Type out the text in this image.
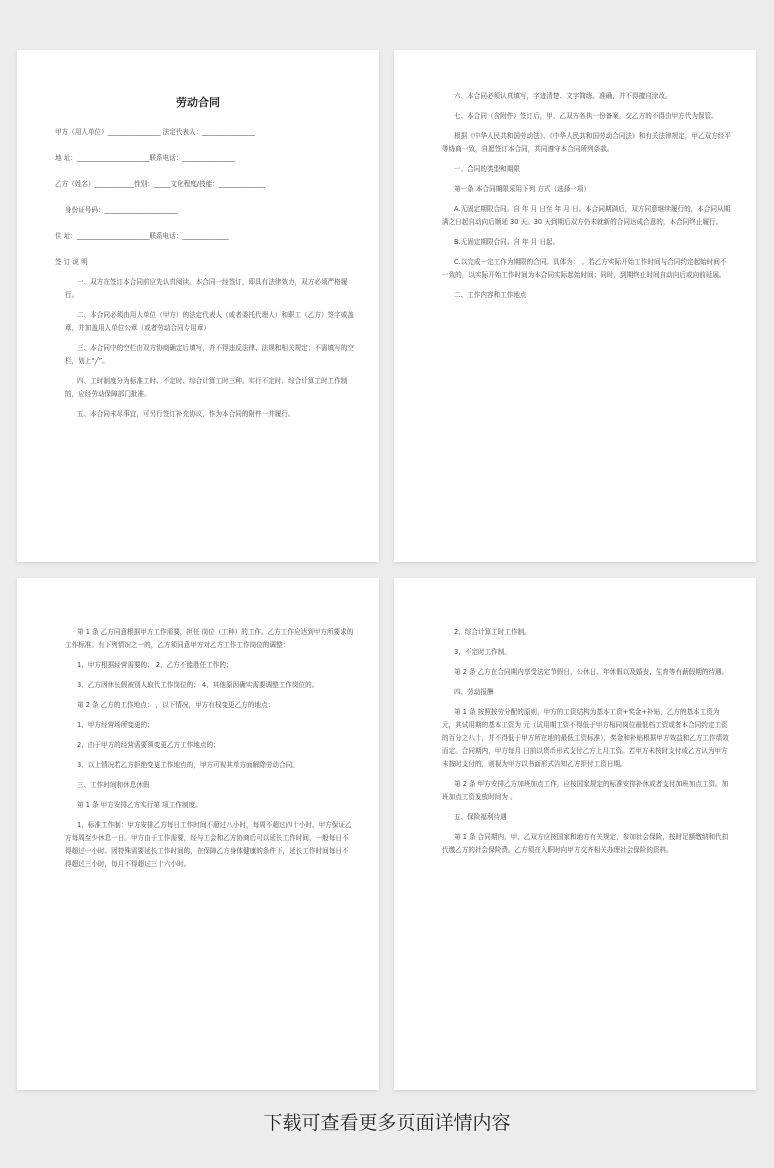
劳动合同

甲方（用人单位）________________ 法定代表人：________________

地 址：______________________联系电话：________________

乙方（姓名）____________性别：_____文化程度/技能：______________

身份证号码：______________________

住 址：______________________联系电话：______________

签 订 说 明

一、双方在签订本合同前应先认真阅读。本合同一经签订，即具有法律效力，双方必须严格履行。

二、本合同必须由用人单位（甲方）的法定代表人（或者委托代理人）和职工（乙方）签字或盖章，并加盖用人单位公章（或者劳动合同专用章）

三、本合同中的空栏由双方协商确定后填写，并不得违反法律、法规和相关规定；不需填写的空栏，划上“╱”。

四、工时制度分为标准工时、不定时、综合计算工时三种。实行不定时、综合计算工时工作制的，应经劳动保障部门批准。

五、本合同未尽事宜，可另行签订补充协议，作为本合同的附件一并履行。

六、本合同必须认真填写，字迹清楚、文字简练、准确，并不得擅自涂改。

七、本合同（含附件）签订后，甲、乙双方各执一份备案，交乙方的不得由甲方代为保管。

根据《中华人民共和国劳动法》、《中华人民共和国劳动合同法》和有关法律规定，甲乙双方经平等协商一致，自愿签订本合同，共同遵守本合同所列条款。

一、合同的类型和期限

第一条 本合同期限采用下列 方式（选择一项）

A.无固定期限合同。自 年 月 日至 年 月 日。本合同期满后，双方同意继续履行的，本合同从期满之日起自动向后顺延 30 天。30 天到期后双方仍未就新的合同达成合意的，本合同终止履行。

B.无固定期限合同。自 年 月 日起。

C.以完成一定工作为期限的合同。具体为： 。若乙方实际开始工作时间与合同约定起始时间不一致的，以实际开始工作时间为本合同实际起始时间；同时，到期终止时间自动向后或向前延展。

二、工作内容和工作地点

第 1 条 乙方同意根据甲方工作需要，担任 岗位（工种）的工作。乙方工作应达到甲方所要求的工作标准。有下列情况之一的，乙方须同意甲方对乙方工作工作岗位的调整：

1、甲方根据经营需要的； 2、乙方不能胜任工作的；

3、乙方因休长假被别人取代工作岗位的； 4、其他原因确实需要调整工作岗位的。

第 2 条 乙方的工作地点： ，以下情况，甲方有权变更乙方的地点：

1、甲方经营场所变更的；

2、由于甲方的经营需要须变更乙方工作地点的；

3、以上情况若乙方拒绝变更工作地点的，甲方可视其单方面解除劳动合同。

三、工作时间和休息休假

第 1 条 甲方安排乙方实行第 项工作制度。

1、标准工作制：甲方安排乙方每日工作时间不超过八小时，每周不超过四十小时。甲方保证乙方每周至少休息一日。甲方由于工作需要，经与工会和乙方协商后可以延长工作时间，一般每日不得超过一小时。因特殊需要延长工作时间的，在保障乙方身体健康的条件下，延长工作时间每日不得超过三小时，每月不得超过三十六小时。

2、综合计算工时工作制。

3、不定时工作制。

第 2 条 乙方在合同期内享受法定节假日、公休日、年休假以及婚丧、生育等有薪假期的待遇。

四、劳动报酬

第 1 条 按照按劳分配的原则，甲方的工资结构为基本工资+奖金+补贴，乙方的基本工资为 元，其试用期的基本工资为 元（试用期工资不得低于甲方相同岗位最低档工资或者本合同约定工资的百分之八十，并不得低于甲方所在地的最低工资标准），奖金和补贴根据甲方效益和乙方工作绩效而定。合同期内，甲方每月 日前以货币形式支付乙方上月工资。若甲方未按时支付或乙方认为甲方未按时支付的，则视为甲方以书面形式告知乙方拒付工资日期。

第 2 条 甲方安排乙方加班加点工作，应按国家规定的标准安排补休或者支付加班加点工资。加班加点工资发放时间为 。

五、保险福利待遇

第 1 条 合同期内，甲、乙双方应按国家和地方有关规定，参加社会保险，按时足额缴纳和代扣代缴乙方的社会保险费。乙方须在入职时向甲方交齐相关办理社会保险的资料。

下载可查看更多页面详情内容
